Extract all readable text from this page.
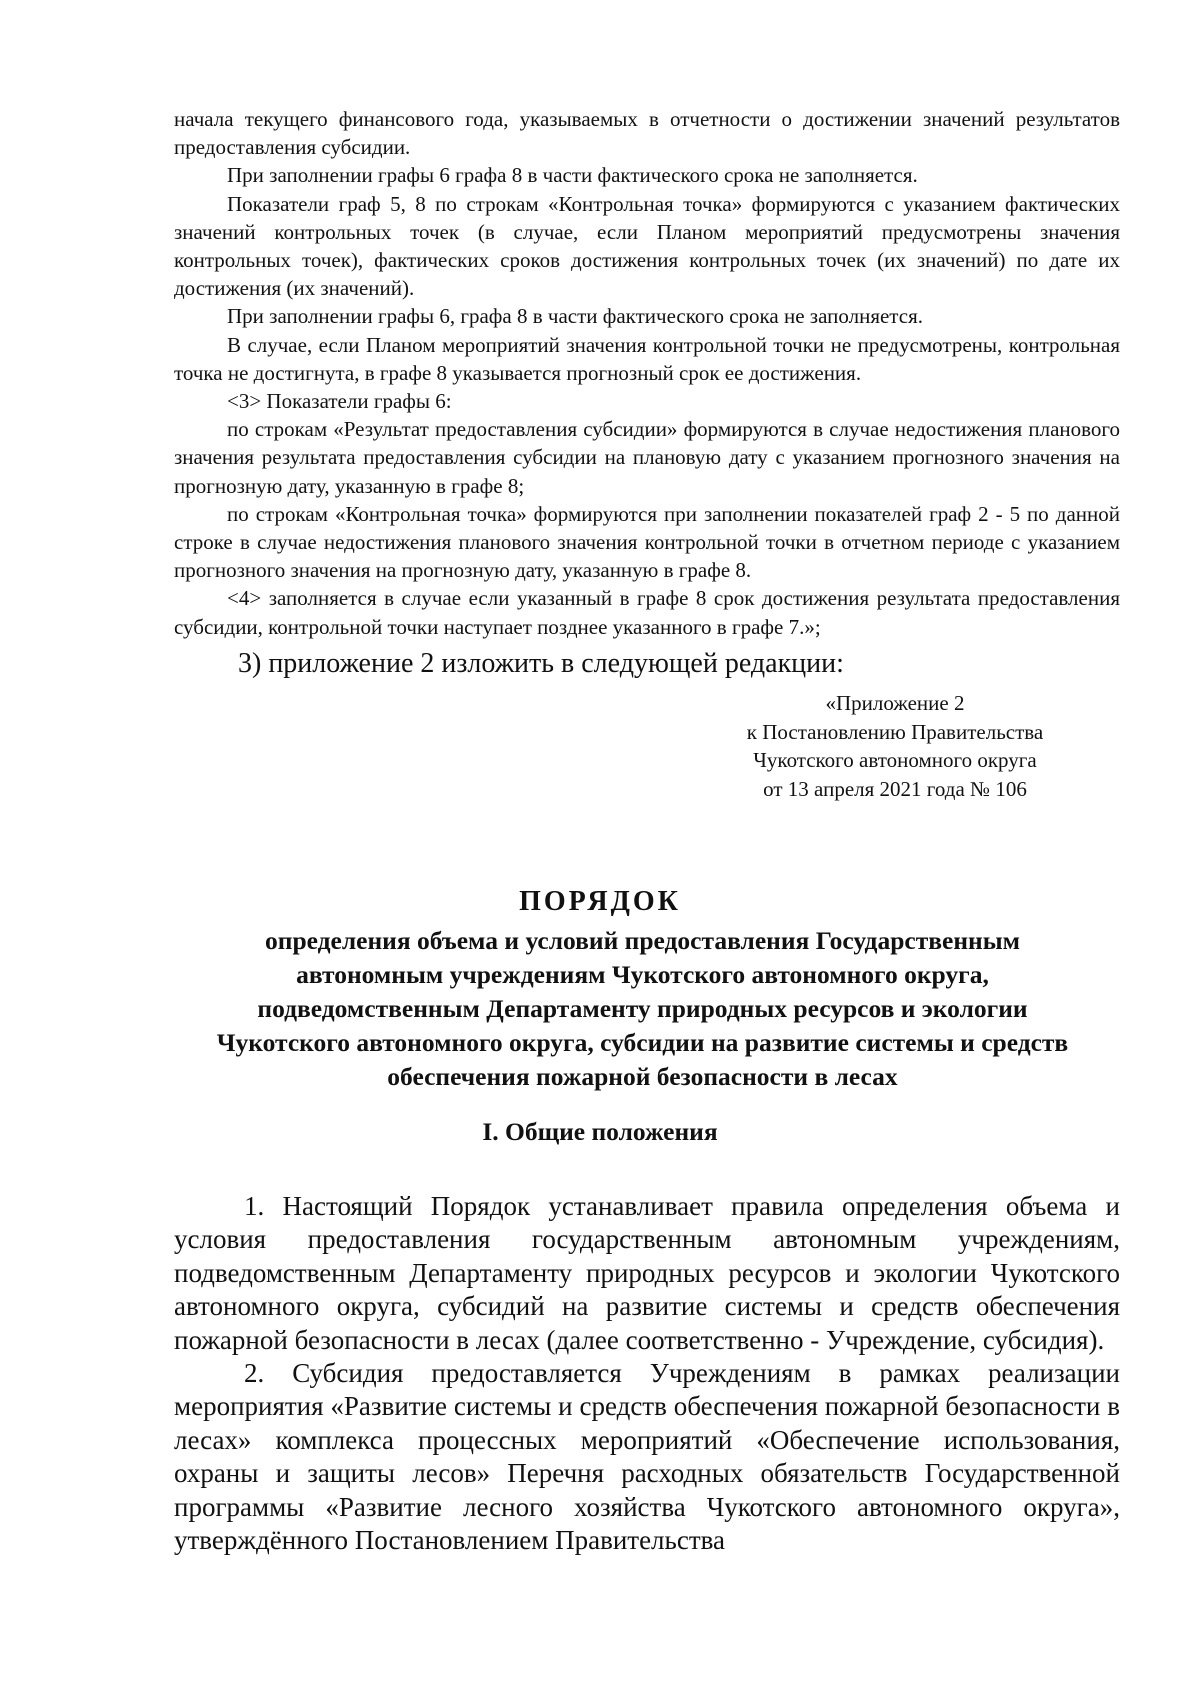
начала текущего финансового года, указываемых в отчетности о достижении значений результатов предоставления субсидии.

При заполнении графы 6 графа 8 в части фактического срока не заполняется.

Показатели граф 5, 8 по строкам «Контрольная точка» формируются с указанием фактических значений контрольных точек (в случае, если Планом мероприятий предусмотрены значения контрольных точек), фактических сроков достижения контрольных точек (их значений) по дате их достижения (их значений).

При заполнении графы 6, графа 8 в части фактического срока не заполняется.

В случае, если Планом мероприятий значения контрольной точки не предусмотрены, контрольная точка не достигнута, в графе 8 указывается прогнозный срок ее достижения.

<3> Показатели графы 6:

по строкам «Результат предоставления субсидии» формируются в случае недостижения планового значения результата предоставления субсидии на плановую дату с указанием прогнозного значения на прогнозную дату, указанную в графе 8;

по строкам «Контрольная точка» формируются при заполнении показателей граф 2 - 5 по данной строке в случае недостижения планового значения контрольной точки в отчетном периоде с указанием прогнозного значения на прогнозную дату, указанную в графе 8.

<4> заполняется в случае если указанный в графе 8 срок достижения результата предоставления субсидии, контрольной точки наступает позднее указанного в графе 7.»;

3) приложение 2 изложить в следующей редакции:

«Приложение 2
к Постановлению Правительства
Чукотского автономного округа
от 13 апреля 2021 года № 106

ПОРЯДОК

определения объема и условий предоставления Государственным автономным учреждениям Чукотского автономного округа, подведомственным Департаменту природных ресурсов и экологии Чукотского автономного округа, субсидии на развитие системы и средств обеспечения пожарной безопасности в лесах

I. Общие положения

1. Настоящий Порядок устанавливает правила определения объема и условия предоставления государственным автономным учреждениям, подведомственным Департаменту природных ресурсов и экологии Чукотского автономного округа, субсидий на развитие системы и средств обеспечения пожарной безопасности в лесах (далее соответственно - Учреждение, субсидия).

2. Субсидия предоставляется Учреждениям в рамках реализации мероприятия «Развитие системы и средств обеспечения пожарной безопасности в лесах» комплекса процессных мероприятий «Обеспечение использования, охраны и защиты лесов» Перечня расходных обязательств Государственной программы «Развитие лесного хозяйства Чукотского автономного округа», утверждённого Постановлением Правительства
